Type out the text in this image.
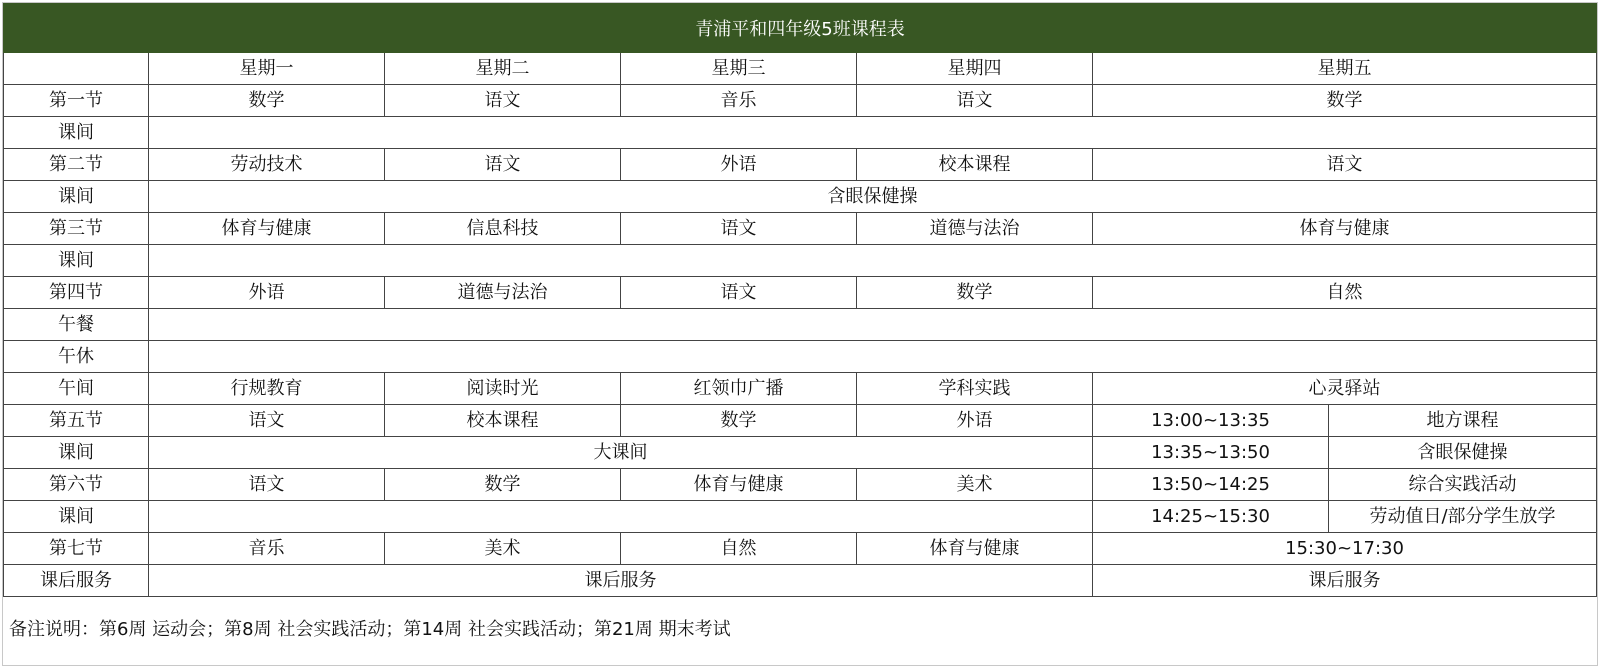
青浦平和四年级5班课程表
	星期一	星期二	星期三	星期四	星期五	
第一节	数学	语文	音乐	语文	数学	
课间						
第二节	劳动技术	语文	外语	校本课程	语文	
课间	含眼保健操					
第三节	体育与健康	信息科技	语文	道德与法治	体育与健康	
课间						
第四节	外语	道德与法治	语文	数学	自然	
午餐						
午休						
午间	行规教育	阅读时光	红领巾广播	学科实践	心灵驿站	
第五节	语文	校本课程	数学	外语	13:00~13:35	地方课程
课间	大课间				13:35~13:50	含眼保健操
第六节	语文	数学	体育与健康	美术	13:50~14:25	综合实践活动
课间					14:25~15:30	劳动值日/部分学生放学
第七节	音乐	美术	自然	体育与健康	15:30~17:30	
课后服务	课后服务				课后服务	
备注说明：第6周 运动会；第8周 社会实践活动；第14周 社会实践活动；第21周 期末考试
